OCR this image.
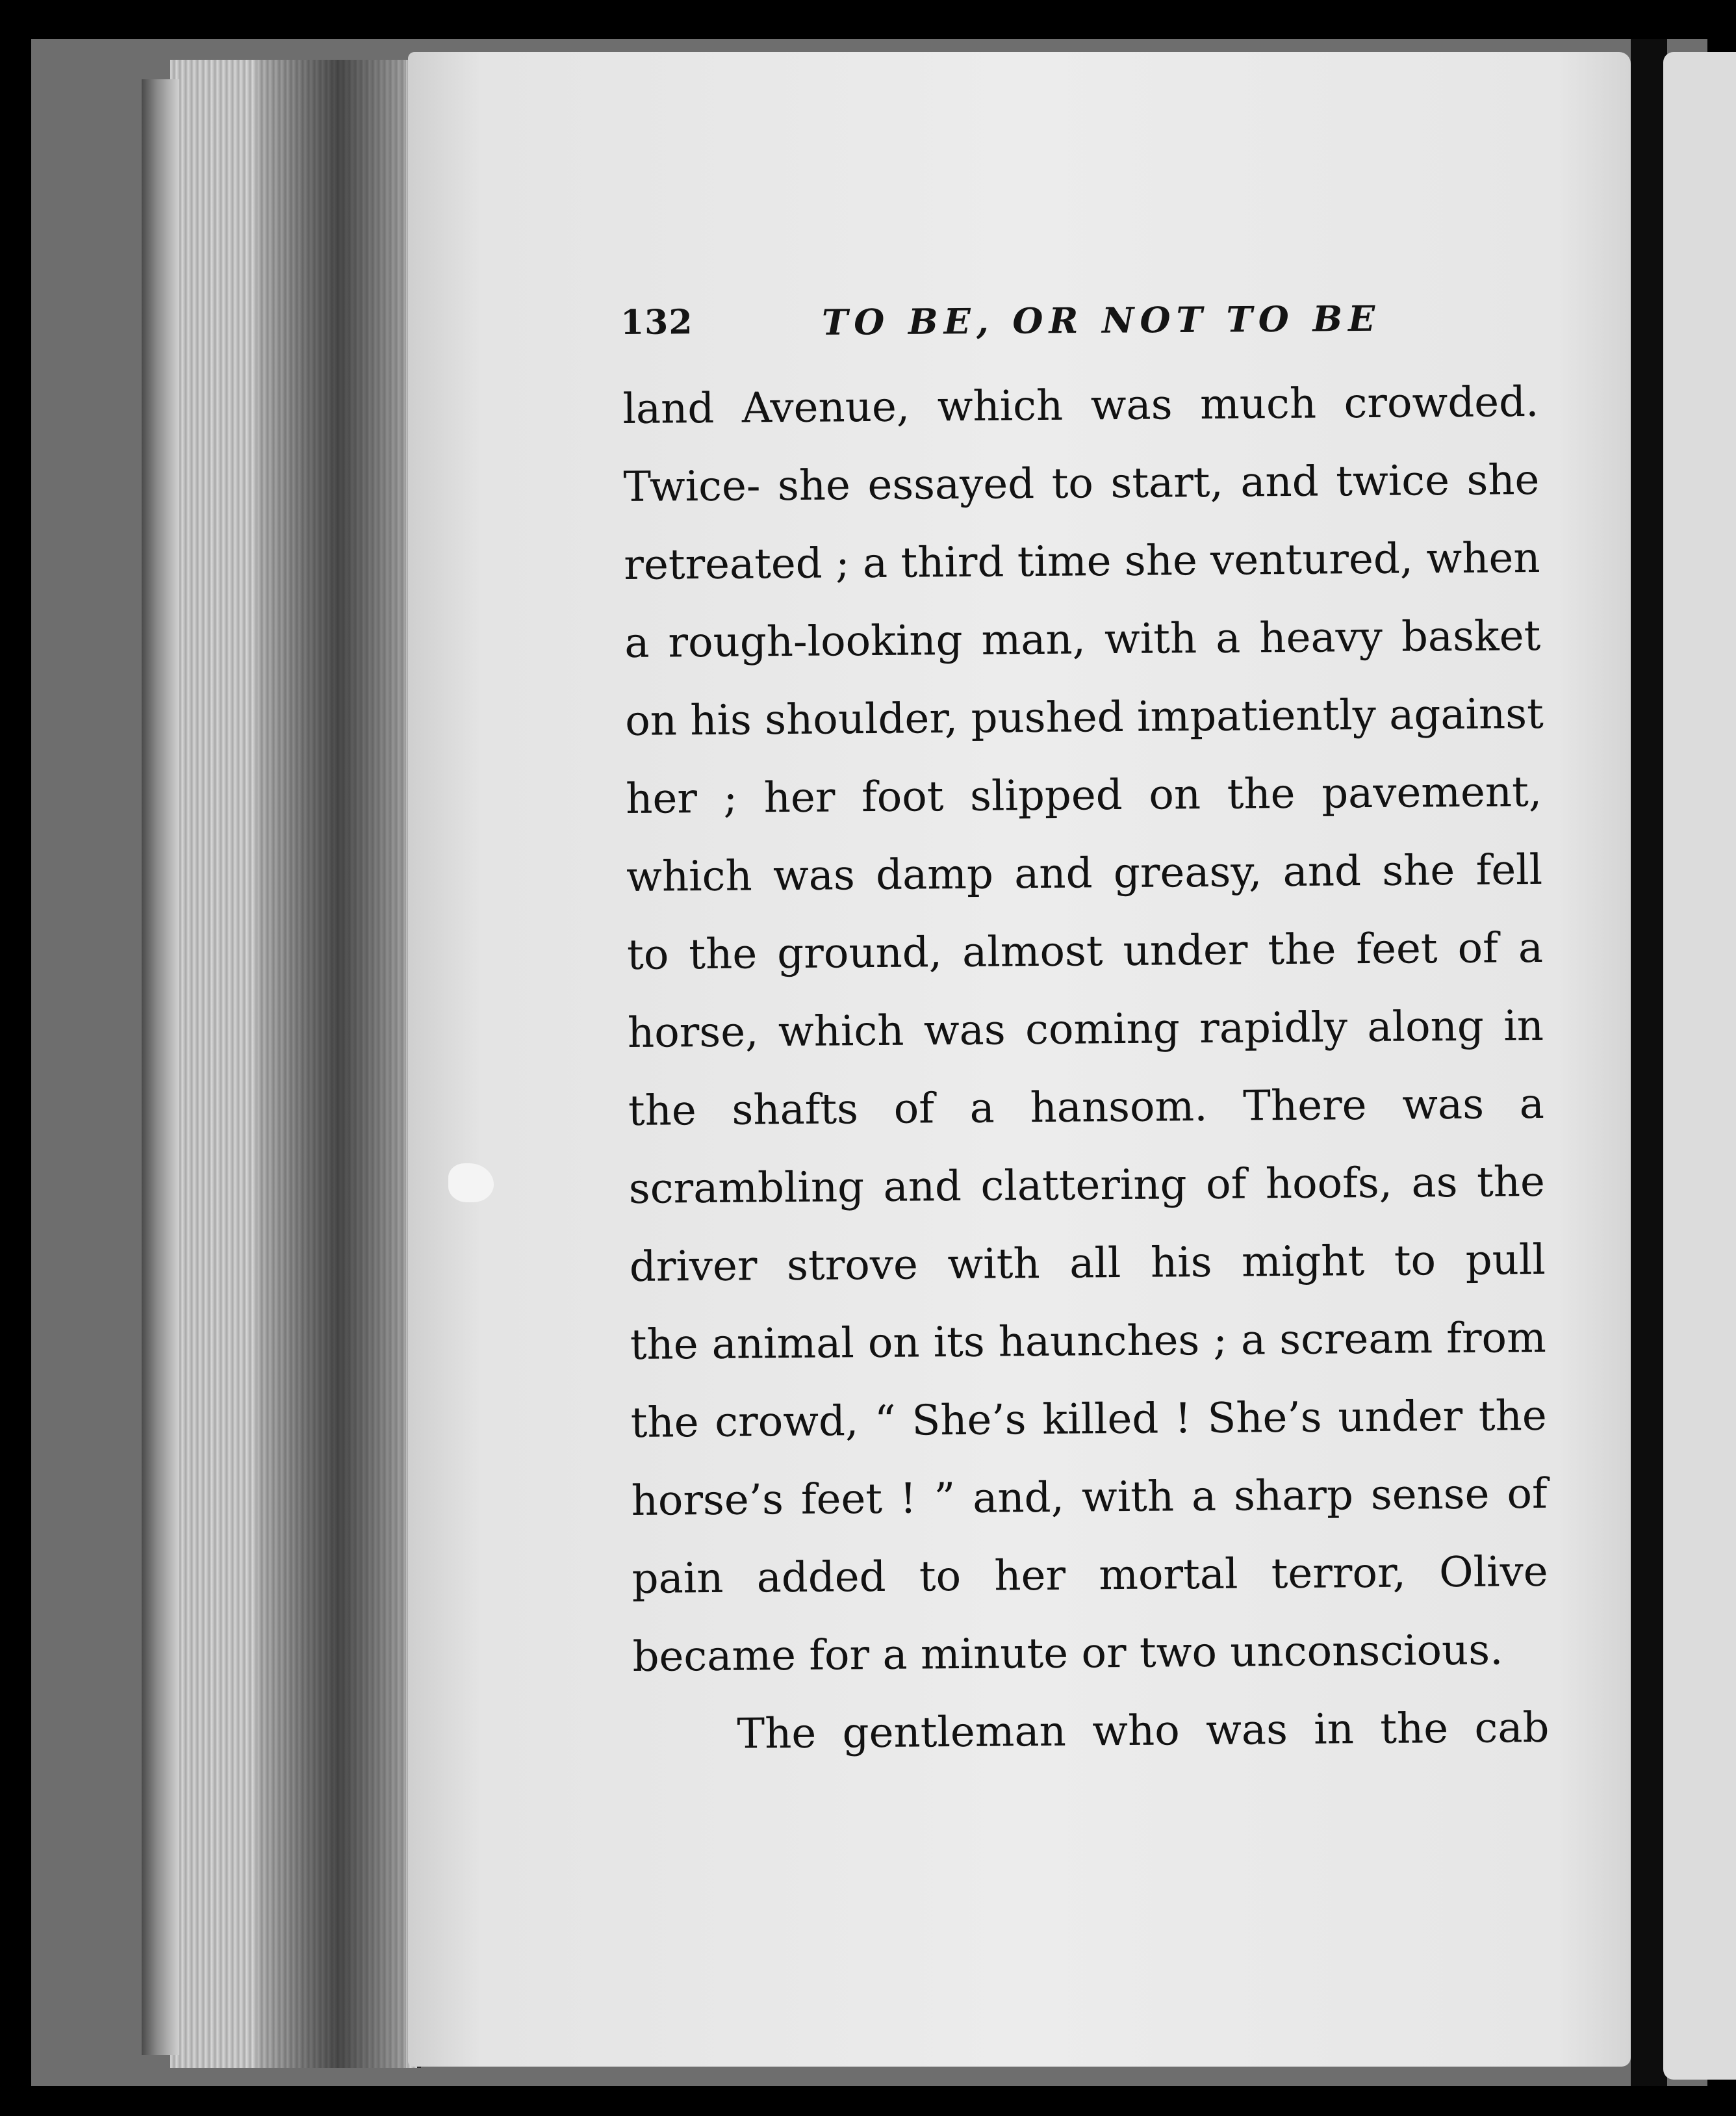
132	TO BE, OR NOT TO BE
land Avenue, which was much crowded.
Twice- she essayed to start, and twice she
retreated ; a third time she ventured, when
a rough-looking man, with a heavy basket
on his shoulder, pushed impatiently against
her ; her foot slipped on the pavement,
which was damp and greasy, and she fell
to the ground, almost under the feet of a
horse, which was coming rapidly along in
the shafts of a hansom. There was a
scrambling and clattering of hoofs, as the
driver strove with all his might to pull
the animal on its haunches ; a scream from
the crowd, “ She’s killed ! She’s under the
horse’s feet ! ” and, with a sharp sense of
pain added to her mortal terror, Olive
became for a minute or two unconscious.
The gentleman who was in the cab
